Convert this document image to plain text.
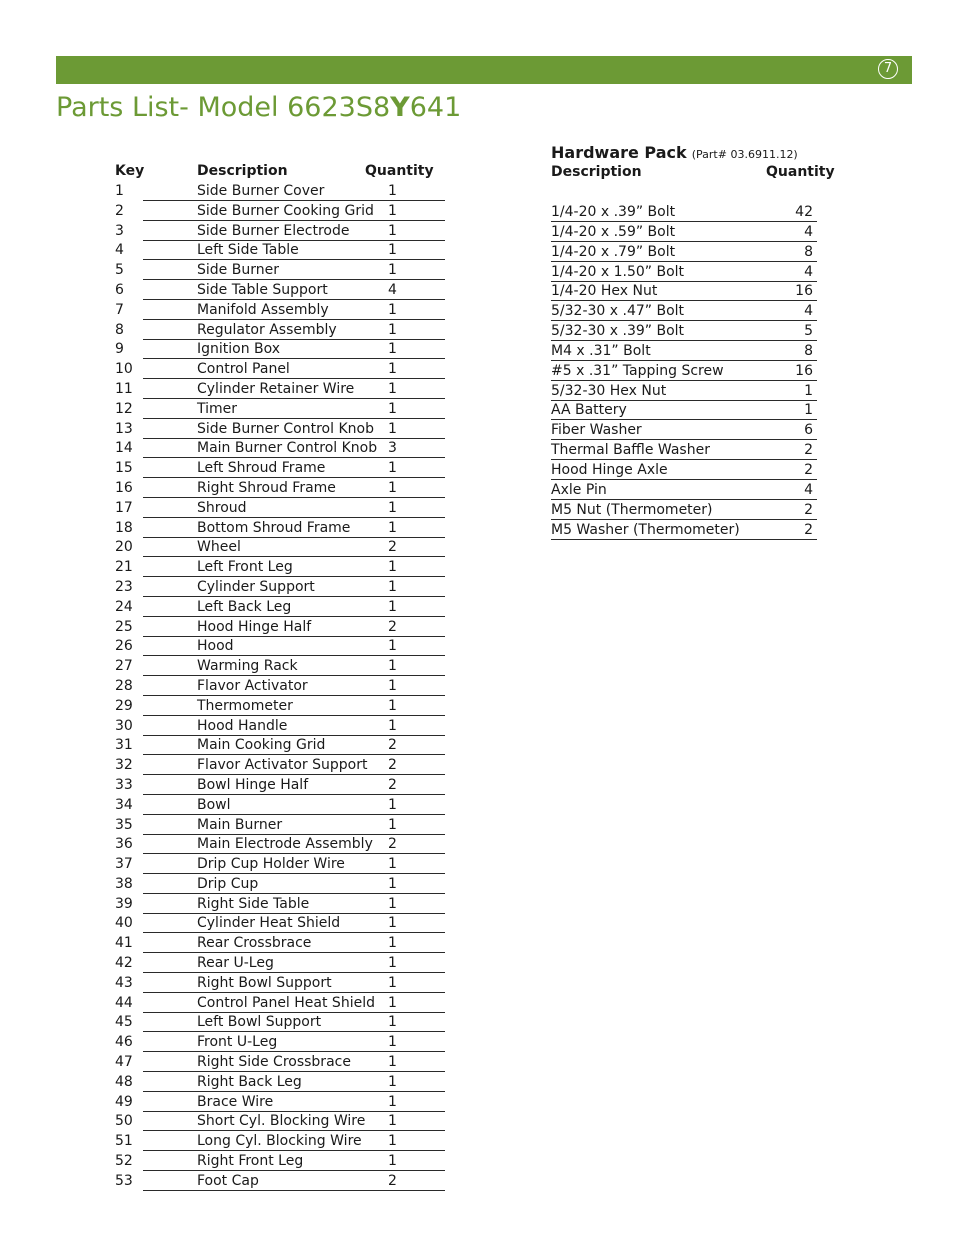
7
Parts List- Model 6623S8Y641
Key	Description	Quantity
1	Side Burner Cover	1
2	Side Burner Cooking Grid 1
3	Side Burner Electrode	1
4	Left Side Table	1
5	Side Burner	1
6	Side Table Support	4
7	Manifold Assembly	1
8	Regulator Assembly	1
9	Ignition Box	1
10	Control Panel	1
11	Cylinder Retainer Wire 1
12	Timer	1
13	Side Burner Control Knob 1
14	Main Burner Control Knob 3
15	Left Shroud Frame	1
16	Right Shroud Frame	1
17	Shroud	1
18	Bottom Shroud Frame	1
20	Wheel	2
21	Left Front Leg	1
23	Cylinder Support	1
24	Left Back Leg	1
25	Hood Hinge Half	2
26	Hood	1
27	Warming Rack	1
28	Flavor Activator	1
29	Thermometer	1
30	Hood Handle	1
31	Main Cooking Grid	2
32	Flavor Activator Support 2
33	Bowl Hinge Half	2
34	Bowl	1
35	Main Burner	1
36	Main Electrode Assembly 2
37	Drip Cup Holder Wire	1
38	Drip Cup	1
39	Right Side Table	1
40	Cylinder Heat Shield	1
41	Rear Crossbrace	1
42	Rear U-Leg	1
43	Right Bowl Support	1
44	Control Panel Heat Shield 1
45	Left Bowl Support	1
46	Front U-Leg	1
47	Right Side Crossbrace	1
48	Right Back Leg	1
49	Brace Wire	1
50	Short Cyl. Blocking Wire 1
51	Long Cyl. Blocking Wire 1
52	Right Front Leg	1
53	Foot Cap	2
Hardware Pack (Part# 03.6911.12)
Description	Quantity
1/4-20 x .39” Bolt	42
1/4-20 x .59” Bolt	4
1/4-20 x .79” Bolt	8
1/4-20 x 1.50” Bolt	4
1/4-20 Hex Nut	16
5/32-30 x .47” Bolt	4
5/32-30 x .39” Bolt	5
M4 x .31” Bolt	8
#5 x .31” Tapping Screw	16
5/32-30 Hex Nut	1
AA Battery	1
Fiber Washer	6
Thermal Baffle Washer	2
Hood Hinge Axle	2
Axle Pin	4
M5 Nut (Thermometer)	2
M5 Washer (Thermometer)	2
